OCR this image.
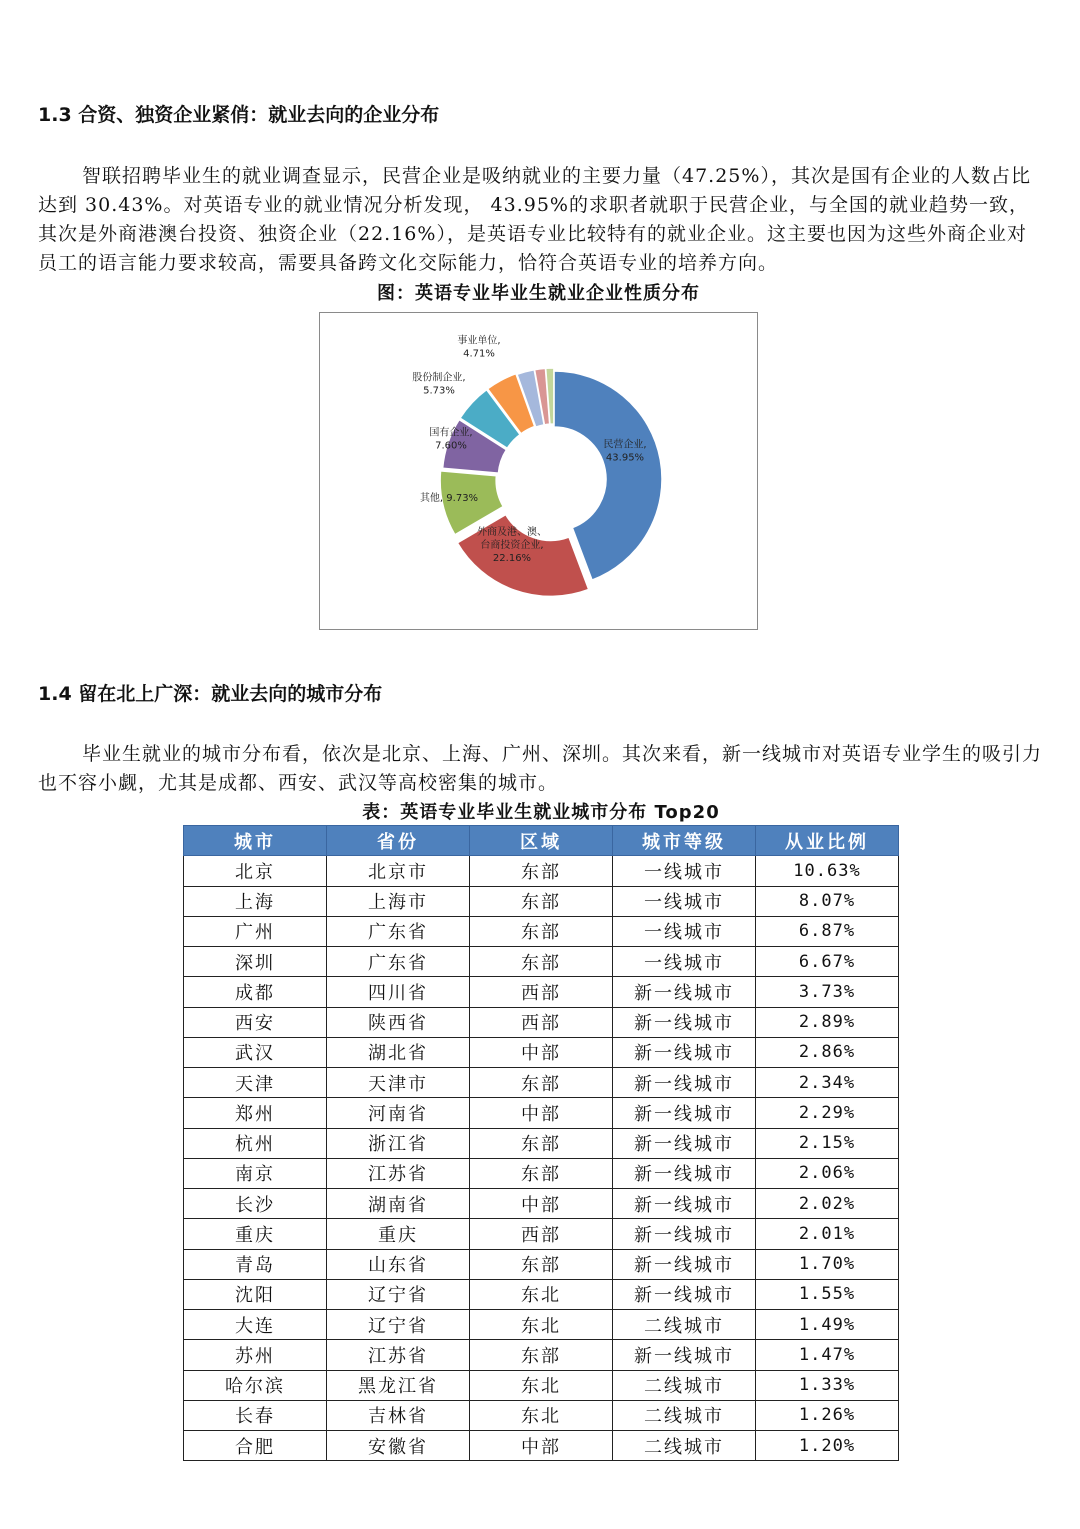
1.3 合资、独资企业紧俏：就业去向的企业分布

智联招聘毕业生的就业调查显示，民营企业是吸纳就业的主要力量（47.25%），其次是国有企业的人数占比达到 30.43%。对英语专业的就业情况分析发现， 43.95%的求职者就职于民营企业，与全国的就业趋势一致，其次是外商港澳台投资、独资企业（22.16%），是英语专业比较特有的就业企业。这主要也因为这些外商企业对员工的语言能力要求较高，需要具备跨文化交际能力，恰符合英语专业的培养方向。

图：英语专业毕业生就业企业性质分布

民营企业, 43.95%
外商及港、澳、台商投资企业, 22.16%
其他, 9.73%
国有企业, 7.60%
股份制企业, 5.73%
事业单位, 4.71%
1.4 留在北上广深：就业去向的城市分布

毕业生就业的城市分布看，依次是北京、上海、广州、深圳。其次来看，新一线城市对英语专业学生的吸引力也不容小觑，尤其是成都、西安、武汉等高校密集的城市。

表：英语专业毕业生就业城市分布 Top20

城市	省份	区域	城市等级	从业比例
北京	北京市	东部	一线城市	10.63%
上海	上海市	东部	一线城市	8.07%
广州	广东省	东部	一线城市	6.87%
深圳	广东省	东部	一线城市	6.67%
成都	四川省	西部	新一线城市	3.73%
西安	陕西省	西部	新一线城市	2.89%
武汉	湖北省	中部	新一线城市	2.86%
天津	天津市	东部	新一线城市	2.34%
郑州	河南省	中部	新一线城市	2.29%
杭州	浙江省	东部	新一线城市	2.15%
南京	江苏省	东部	新一线城市	2.06%
长沙	湖南省	中部	新一线城市	2.02%
重庆	重庆	西部	新一线城市	2.01%
青岛	山东省	东部	新一线城市	1.70%
沈阳	辽宁省	东北	新一线城市	1.55%
大连	辽宁省	东北	二线城市	1.49%
苏州	江苏省	东部	新一线城市	1.47%
哈尔滨	黑龙江省	东北	二线城市	1.33%
长春	吉林省	东北	二线城市	1.26%
合肥	安徽省	中部	二线城市	1.20%
